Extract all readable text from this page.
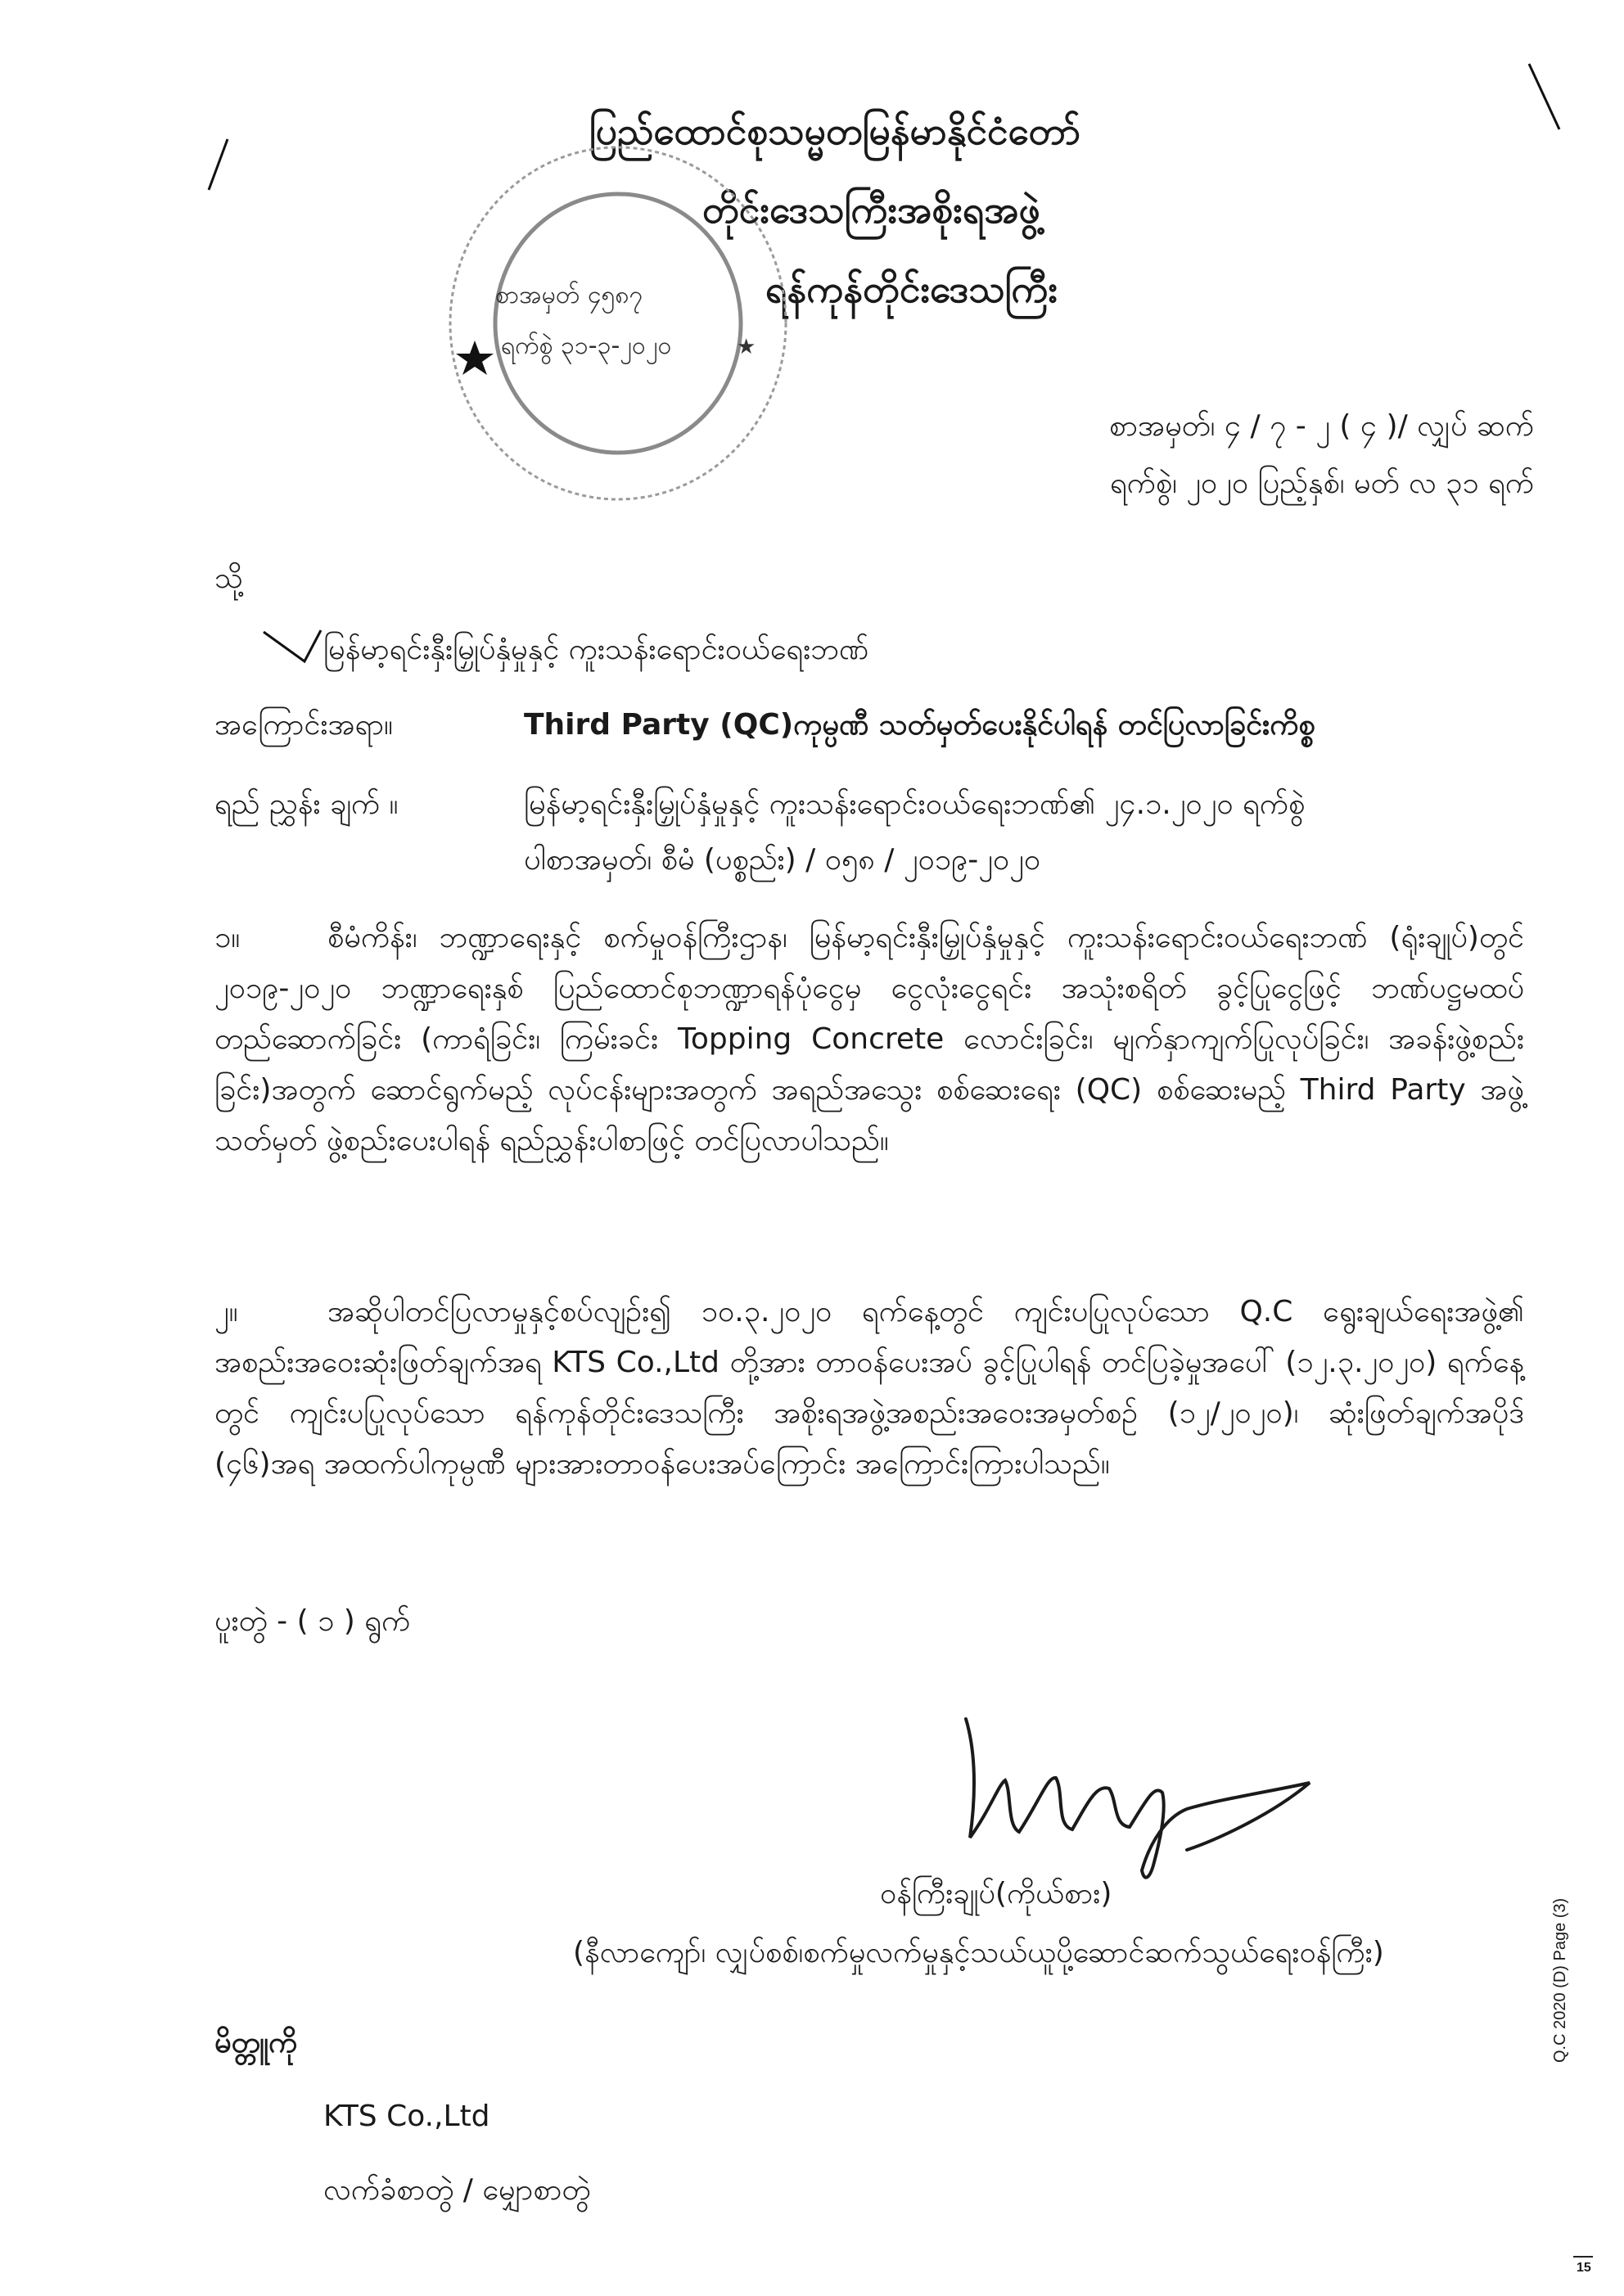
ပြည်ထောင်စုသမ္မတမြန်မာနိုင်ငံတော်
တိုင်းဒေသကြီးအစိုးရအဖွဲ့
ရန်ကုန်တိုင်းဒေသကြီး
★
စာအမှတ် ၄၅၈၇
ရက်စွဲ ၃၁-၃-၂၀၂၀
စာအမှတ်၊ ၄ / ၇ - ၂ ( ၄ )/ လျှပ် ဆက်
ရက်စွဲ၊ ၂၀၂၀ ပြည့်နှစ်၊ မတ် လ ၃၁ ရက်
သို့
မြန်မာ့ရင်းနှီးမြှုပ်နှံမှုနှင့် ကူးသန်းရောင်းဝယ်ရေးဘဏ်
အကြောင်းအရာ။	Third Party (QC)ကုမ္ပဏီ သတ်မှတ်ပေးနိုင်ပါရန် တင်ပြလာခြင်းကိစ္စ
ရည် ညွှန်း ချက် ။	မြန်မာ့ရင်းနှီးမြှုပ်နှံမှုနှင့် ကူးသန်းရောင်းဝယ်ရေးဘဏ်၏ ၂၄.၁.၂၀၂၀ ရက်စွဲ
ပါစာအမှတ်၊ စီမံ (ပစ္စည်း) / ၀၅၈ / ၂၀၁၉-၂၀၂၀
၁။	စီမံကိန်း၊ ဘဏ္ဍာရေးနှင့် စက်မှုဝန်ကြီးဌာန၊ မြန်မာ့ရင်းနှီးမြှုပ်နှံမှုနှင့် ကူးသန်းရောင်းဝယ်ရေးဘဏ် (ရုံးချုပ်)တွင် ၂၀၁၉-၂၀၂၀ ဘဏ္ဍာရေးနှစ် ပြည်ထောင်စုဘဏ္ဍာရန်ပုံငွေမှ ငွေလုံးငွေရင်း အသုံးစရိတ် ခွင့်ပြုငွေဖြင့် ဘဏ်ပဋ္ဌမထပ်တည်ဆောက်ခြင်း (ကာရံခြင်း၊ ကြမ်းခင်း Topping Concrete လောင်းခြင်း၊ မျက်နှာကျက်ပြုလုပ်ခြင်း၊ အခန်းဖွဲ့စည်းခြင်း)အတွက် ဆောင်ရွက်မည့် လုပ်ငန်းများအတွက် အရည်အသွေး စစ်ဆေးရေး (QC) စစ်ဆေးမည့် Third Party အဖွဲ့သတ်မှတ် ဖွဲ့စည်းပေးပါရန် ရည်ညွှန်းပါစာဖြင့် တင်ပြလာပါသည်။
၂။	အဆိုပါတင်ပြလာမှုနှင့်စပ်လျဉ်း၍ ၁၀.၃.၂၀၂၀ ရက်နေ့တွင် ကျင်းပပြုလုပ်သော Q.C ရွေးချယ်ရေးအဖွဲ့၏ အစည်းအဝေးဆုံးဖြတ်ချက်အရ KTS Co.,Ltd တို့အား တာဝန်ပေးအပ် ခွင့်ပြုပါရန် တင်ပြခဲ့မှုအပေါ် (၁၂.၃.၂၀၂၀) ရက်နေ့တွင် ကျင်းပပြုလုပ်သော ရန်ကုန်တိုင်းဒေသကြီး အစိုးရအဖွဲ့အစည်းအဝေးအမှတ်စဉ် (၁၂/၂၀၂၀)၊ ဆုံးဖြတ်ချက်အပိုဒ် (၄၆)အရ အထက်ပါကုမ္ပဏီ များအားတာဝန်ပေးအပ်ကြောင်း အကြောင်းကြားပါသည်။
ပူးတွဲ - ( ၁ ) ရွက်
ဝန်ကြီးချုပ်(ကိုယ်စား)
(နီလာကျော်၊ လျှပ်စစ်၊စက်မှုလက်မှုနှင့်သယ်ယူပို့ဆောင်ဆက်သွယ်ရေးဝန်ကြီး)
မိတ္တူကို
KTS Co.,Ltd
လက်ခံစာတွဲ / မျှောစာတွဲ
Q.C 2020 (D) Page (3)
15
